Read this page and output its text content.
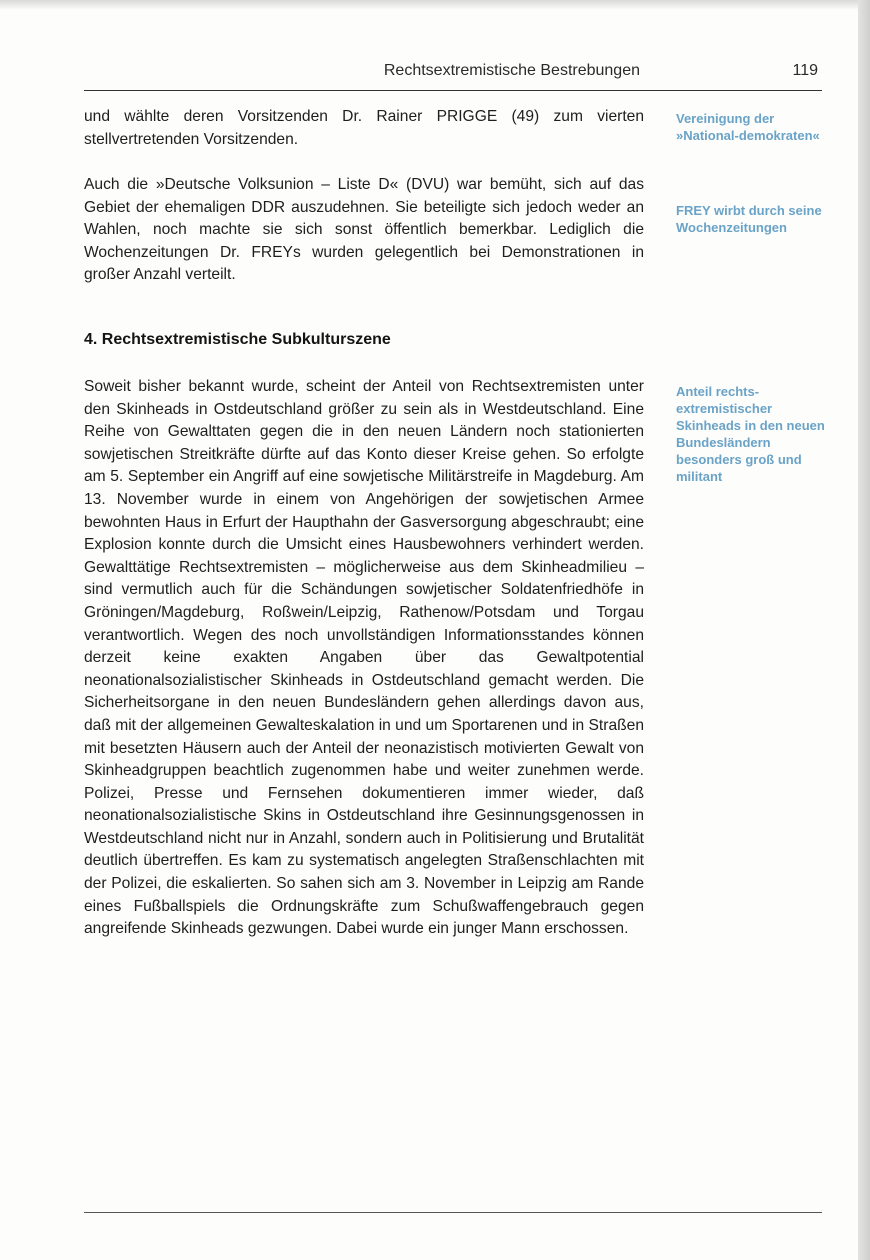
Rechtsextremistische Bestrebungen	119

und wählte deren Vorsitzenden Dr. Rainer PRIGGE (49) zum vierten stellvertretenden Vorsitzenden.

Auch die »Deutsche Volksunion – Liste D« (DVU) war bemüht, sich auf das Gebiet der ehemaligen DDR auszudehnen. Sie beteiligte sich jedoch weder an Wahlen, noch machte sie sich sonst öffentlich bemerkbar. Lediglich die Wochenzeitungen Dr. FREYs wurden gelegentlich bei Demonstrationen in großer Anzahl verteilt.

4. Rechtsextremistische Subkulturszene

Soweit bisher bekannt wurde, scheint der Anteil von Rechtsextremisten unter den Skinheads in Ostdeutschland größer zu sein als in Westdeutschland. Eine Reihe von Gewalttaten gegen die in den neuen Ländern noch stationierten sowjetischen Streitkräfte dürfte auf das Konto dieser Kreise gehen. So erfolgte am 5. September ein Angriff auf eine sowjetische Militärstreife in Magdeburg. Am 13. November wurde in einem von Angehörigen der sowjetischen Armee bewohnten Haus in Erfurt der Haupthahn der Gasversorgung abgeschraubt; eine Explosion konnte durch die Umsicht eines Hausbewohners verhindert werden. Gewalttätige Rechtsextremisten – möglicherweise aus dem Skinheadmilieu – sind vermutlich auch für die Schändungen sowjetischer Soldatenfriedhöfe in Gröningen/Magdeburg, Roßwein/Leipzig, Rathenow/Potsdam und Torgau verantwortlich. Wegen des noch unvollständigen Informationsstandes können derzeit keine exakten Angaben über das Gewaltpotential neonationalsozialistischer Skinheads in Ostdeutschland gemacht werden. Die Sicherheitsorgane in den neuen Bundesländern gehen allerdings davon aus, daß mit der allgemeinen Gewalteskalation in und um Sportarenen und in Straßen mit besetzten Häusern auch der Anteil der neonazistisch motivierten Gewalt von Skinheadgruppen beachtlich zugenommen habe und weiter zunehmen werde. Polizei, Presse und Fernsehen dokumentieren immer wieder, daß neonationalsozialistische Skins in Ostdeutschland ihre Gesinnungsgenossen in Westdeutschland nicht nur in Anzahl, sondern auch in Politisierung und Brutalität deutlich übertreffen. Es kam zu systematisch angelegten Straßenschlachten mit der Polizei, die eskalierten. So sahen sich am 3. November in Leipzig am Rande eines Fußballspiels die Ordnungskräfte zum Schußwaffengebrauch gegen angreifende Skinheads gezwungen. Dabei wurde ein junger Mann erschossen.

Vereinigung der »National-demokraten«
FREY wirbt durch seine Wochenzeitungen
Anteil rechts-extremistischer Skinheads in den neuen Bundesländern besonders groß und militant
